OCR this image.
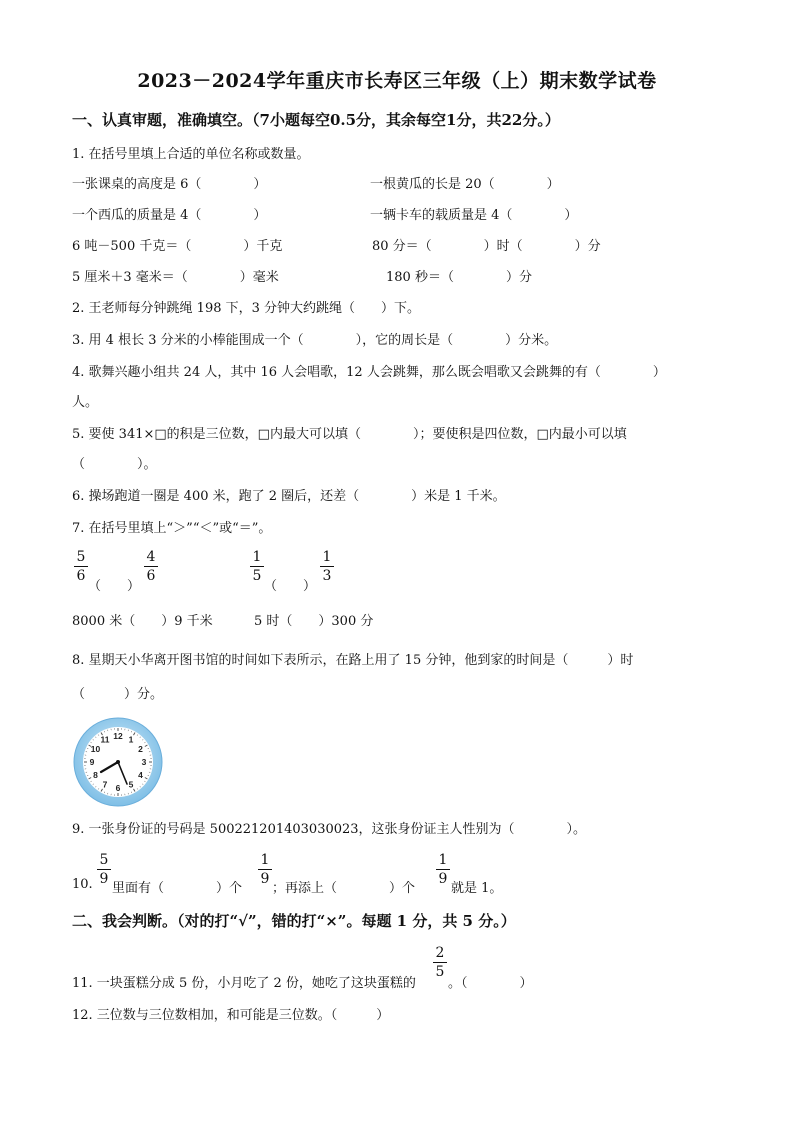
2023－2024学年重庆市长寿区三年级（上）期末数学试卷
一、认真审题，准确填空。（7小题每空0.5分，其余每空1分，共22分。）
1. 在括号里填上合适的单位名称或数量。
一张课桌的高度是 6（　　　　）	一根黄瓜的长是 20（　　　　）
一个西瓜的质量是 4（　　　　）	一辆卡车的载质量是 4（　　　　）
6 吨－500 千克＝（　　　　）千克	80 分＝（　　　　）时（　　　　）分
5 厘米＋3 毫米＝（　　　　）毫米	180 秒＝（　　　　）分
2. 王老师每分钟跳绳 198 下，3 分钟大约跳绳（　　）下。
3. 用 4 根长 3 分米的小棒能围成一个（　　　　），它的周长是（　　　　）分米。
4. 歌舞兴趣小组共 24 人，其中 16 人会唱歌，12 人会跳舞，那么既会唱歌又会跳舞的有（　　　　）
人。
5. 要使 341×□的积是三位数，□内最大可以填（　　　　）；要使积是四位数，□内最小可以填
（　　　　）。
6. 操场跑道一圈是 400 米，跑了 2 圈后，还差（　　　　）米是 1 千米。
7. 在括号里填上“＞”“＜”或“＝”。
5
6
（　　）
4
6
1
5
（　　）
1
3
8000 米（　　）9 千米	5 时（　　）300 分
8. 星期天小华离开图书馆的时间如下表所示，在路上用了 15 分钟，他到家的时间是（　　　）时
（　　　）分。
12 1
2
3
4
5
6
7
8
9
10
11
9. 一张身份证的号码是 500221201403030023，这张身份证主人性别为（　　　　）。
10.
5
9
里面有（　　　　）个
1
9
；再添上（　　　　）个
1
9
就是 1。
二、我会判断。（对的打“√”，错的打“×”。每题 1 分，共 5 分。）
11. 一块蛋糕分成 5 份，小月吃了 2 份，她吃了这块蛋糕的
2
5
。（　　　　）
12. 三位数与三位数相加，和可能是三位数。（　　　）
